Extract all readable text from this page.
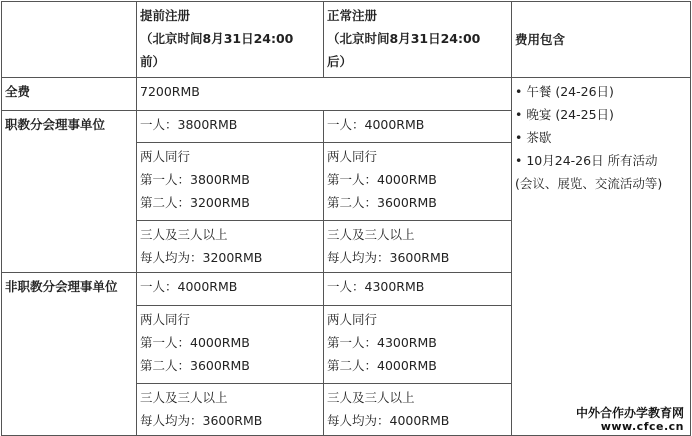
	提前注册
（北京时间8月31日24:00
前）	正常注册
（北京时间8月31日24:00
后）	费用包含
全费	7200RMB		• 午餐 (24-26日)
• 晚宴 (24-25日)
• 茶歇
• 10月24-26日 所有活动
(会议、展览、交流活动等)

职教分会理事单位	一人：3800RMB	一人：4000RMB	

	两人同行
第一人：3800RMB
第二人：3200RMB	两人同行
第一人：4000RMB
第二人：3600RMB	

	三人及三人以上
每人均为：3200RMB	三人及三人以上
每人均为：3600RMB	

非职教分会理事单位	一人：4000RMB	一人：4300RMB	

	两人同行
第一人：4000RMB
第二人：3600RMB	两人同行
第一人：4300RMB
第二人：4000RMB	

	三人及三人以上
每人均为：3600RMB	三人及三人以上
每人均为：4000RMB		中外合作办学教育网
www.cfce.cn
